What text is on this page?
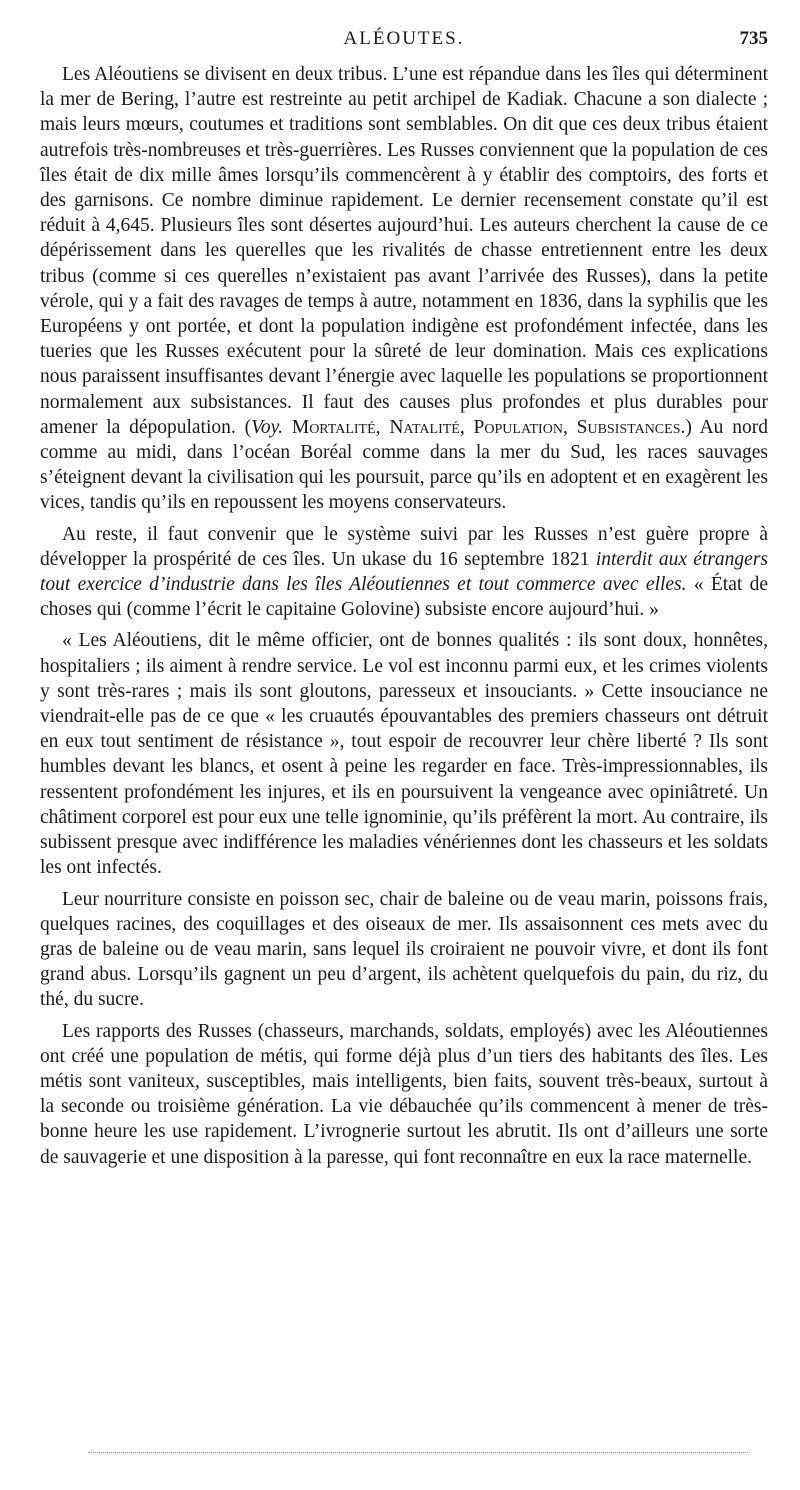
ALÉOUTES.	735

Les Aléoutiens se divisent en deux tribus. L’une est répandue dans les îles qui déterminent la mer de Bering, l’autre est restreinte au petit archipel de Kadiak. Chacune a son dialecte ; mais leurs mœurs, coutumes et traditions sont semblables. On dit que ces deux tribus étaient autrefois très-nombreuses et très-guerrières. Les Russes conviennent que la population de ces îles était de dix mille âmes lorsqu’ils commencèrent à y établir des comptoirs, des forts et des garnisons. Ce nombre diminue rapidement. Le dernier recensement constate qu’il est réduit à 4,645. Plusieurs îles sont désertes aujourd’hui. Les auteurs cherchent la cause de ce dépérissement dans les querelles que les rivalités de chasse entretiennent entre les deux tribus (comme si ces querelles n’existaient pas avant l’arrivée des Russes), dans la petite vérole, qui y a fait des ravages de temps à autre, notamment en 1836, dans la syphilis que les Européens y ont portée, et dont la population indigène est profondément infectée, dans les tueries que les Russes exécutent pour la sûreté de leur domination. Mais ces explications nous paraissent insuffisantes devant l’énergie avec laquelle les populations se proportionnent normalement aux subsistances. Il faut des causes plus profondes et plus durables pour amener la dépopulation. (Voy. Mortalité, Natalité, Population, Subsistances.) Au nord comme au midi, dans l’océan Boréal comme dans la mer du Sud, les races sauvages s’éteignent devant la civilisation qui les poursuit, parce qu’ils en adoptent et en exagèrent les vices, tandis qu’ils en repoussent les moyens conservateurs.

Au reste, il faut convenir que le système suivi par les Russes n’est guère propre à développer la prospérité de ces îles. Un ukase du 16 septembre 1821 interdit aux étrangers tout exercice d’industrie dans les îles Aléoutiennes et tout commerce avec elles. « État de choses qui (comme l’écrit le capitaine Golovine) subsiste encore aujourd’hui. »

« Les Aléoutiens, dit le même officier, ont de bonnes qualités : ils sont doux, honnêtes, hospitaliers ; ils aiment à rendre service. Le vol est inconnu parmi eux, et les crimes violents y sont très-rares ; mais ils sont gloutons, paresseux et insouciants. » Cette insouciance ne viendrait-elle pas de ce que « les cruautés épouvantables des premiers chasseurs ont détruit en eux tout sentiment de résistance », tout espoir de recouvrer leur chère liberté ? Ils sont humbles devant les blancs, et osent à peine les regarder en face. Très-impressionnables, ils ressentent profondément les injures, et ils en poursuivent la vengeance avec opiniâtreté. Un châtiment corporel est pour eux une telle ignominie, qu’ils préfèrent la mort. Au contraire, ils subissent presque avec indifférence les maladies vénériennes dont les chasseurs et les soldats les ont infectés.

Leur nourriture consiste en poisson sec, chair de baleine ou de veau marin, poissons frais, quelques racines, des coquillages et des oiseaux de mer. Ils assaisonnent ces mets avec du gras de baleine ou de veau marin, sans lequel ils croiraient ne pouvoir vivre, et dont ils font grand abus. Lorsqu’ils gagnent un peu d’argent, ils achètent quelquefois du pain, du riz, du thé, du sucre.

Les rapports des Russes (chasseurs, marchands, soldats, employés) avec les Aléoutiennes ont créé une population de métis, qui forme déjà plus d’un tiers des habitants des îles. Les métis sont vaniteux, susceptibles, mais intelligents, bien faits, souvent très-beaux, surtout à la seconde ou troisième génération. La vie débauchée qu’ils commencent à mener de très-bonne heure les use rapidement. L’ivrognerie surtout les abrutit. Ils ont d’ailleurs une sorte de sauvagerie et une disposition à la paresse, qui font reconnaître en eux la race maternelle.
